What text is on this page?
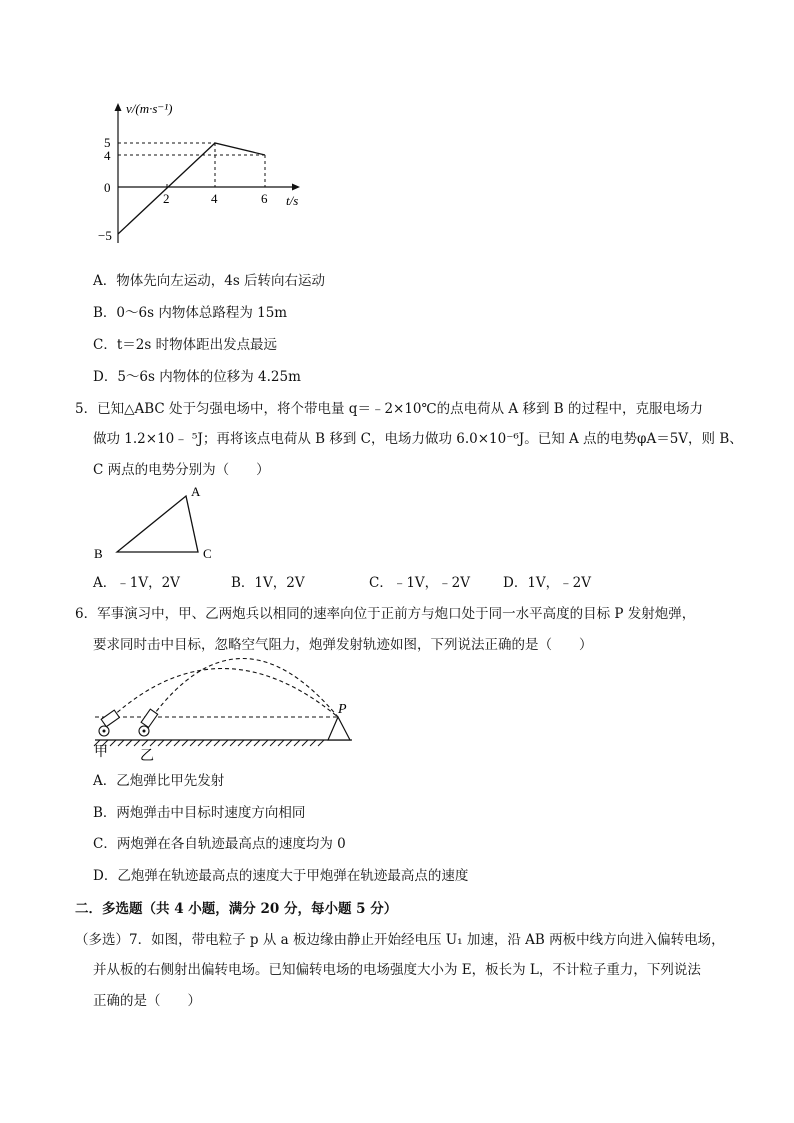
v/(m·s⁻¹)
5
4
0
−5
2	4	6 t/s
A．物体先向左运动，4s 后转向右运动
B．0～6s 内物体总路程为 15m
C．t＝2s 时物体距出发点最远
D．5～6s 内物体的位移为 4.25m
5．已知△ABC 处于匀强电场中，将个带电量 q＝﹣2×10℃的点电荷从 A 移到 B 的过程中，克服电场力
做功 1.2×10﹣ ⁵J；再将该点电荷从 B 移到 C，电场力做功 6.0×10⁻⁶J。已知 A 点的电势φA＝5V，则 B、
C 两点的电势分别为（　　）
A
B	C
A．﹣1V，2V	B．1V，2V	C．﹣1V，﹣2V D．1V，﹣2V
6．军事演习中，甲、乙两炮兵以相同的速率向位于正前方与炮口处于同一水平高度的目标 P 发射炮弹，
要求同时击中目标，忽略空气阻力，炮弹发射轨迹如图，下列说法正确的是（　　）
P
甲 乙
A．乙炮弹比甲先发射
B．两炮弹击中目标时速度方向相同
C．两炮弹在各自轨迹最高点的速度均为 0
D．乙炮弹在轨迹最高点的速度大于甲炮弹在轨迹最高点的速度
二．多选题（共 4 小题，满分 20 分，每小题 5 分）
（多选）7．如图，带电粒子 p 从 a 板边缘由静止开始经电压 U₁ 加速，沿 AB 两板中线方向进入偏转电场，
并从板的右侧射出偏转电场。已知偏转电场的电场强度大小为 E，板长为 L，不计粒子重力，下列说法
正确的是（　　）
